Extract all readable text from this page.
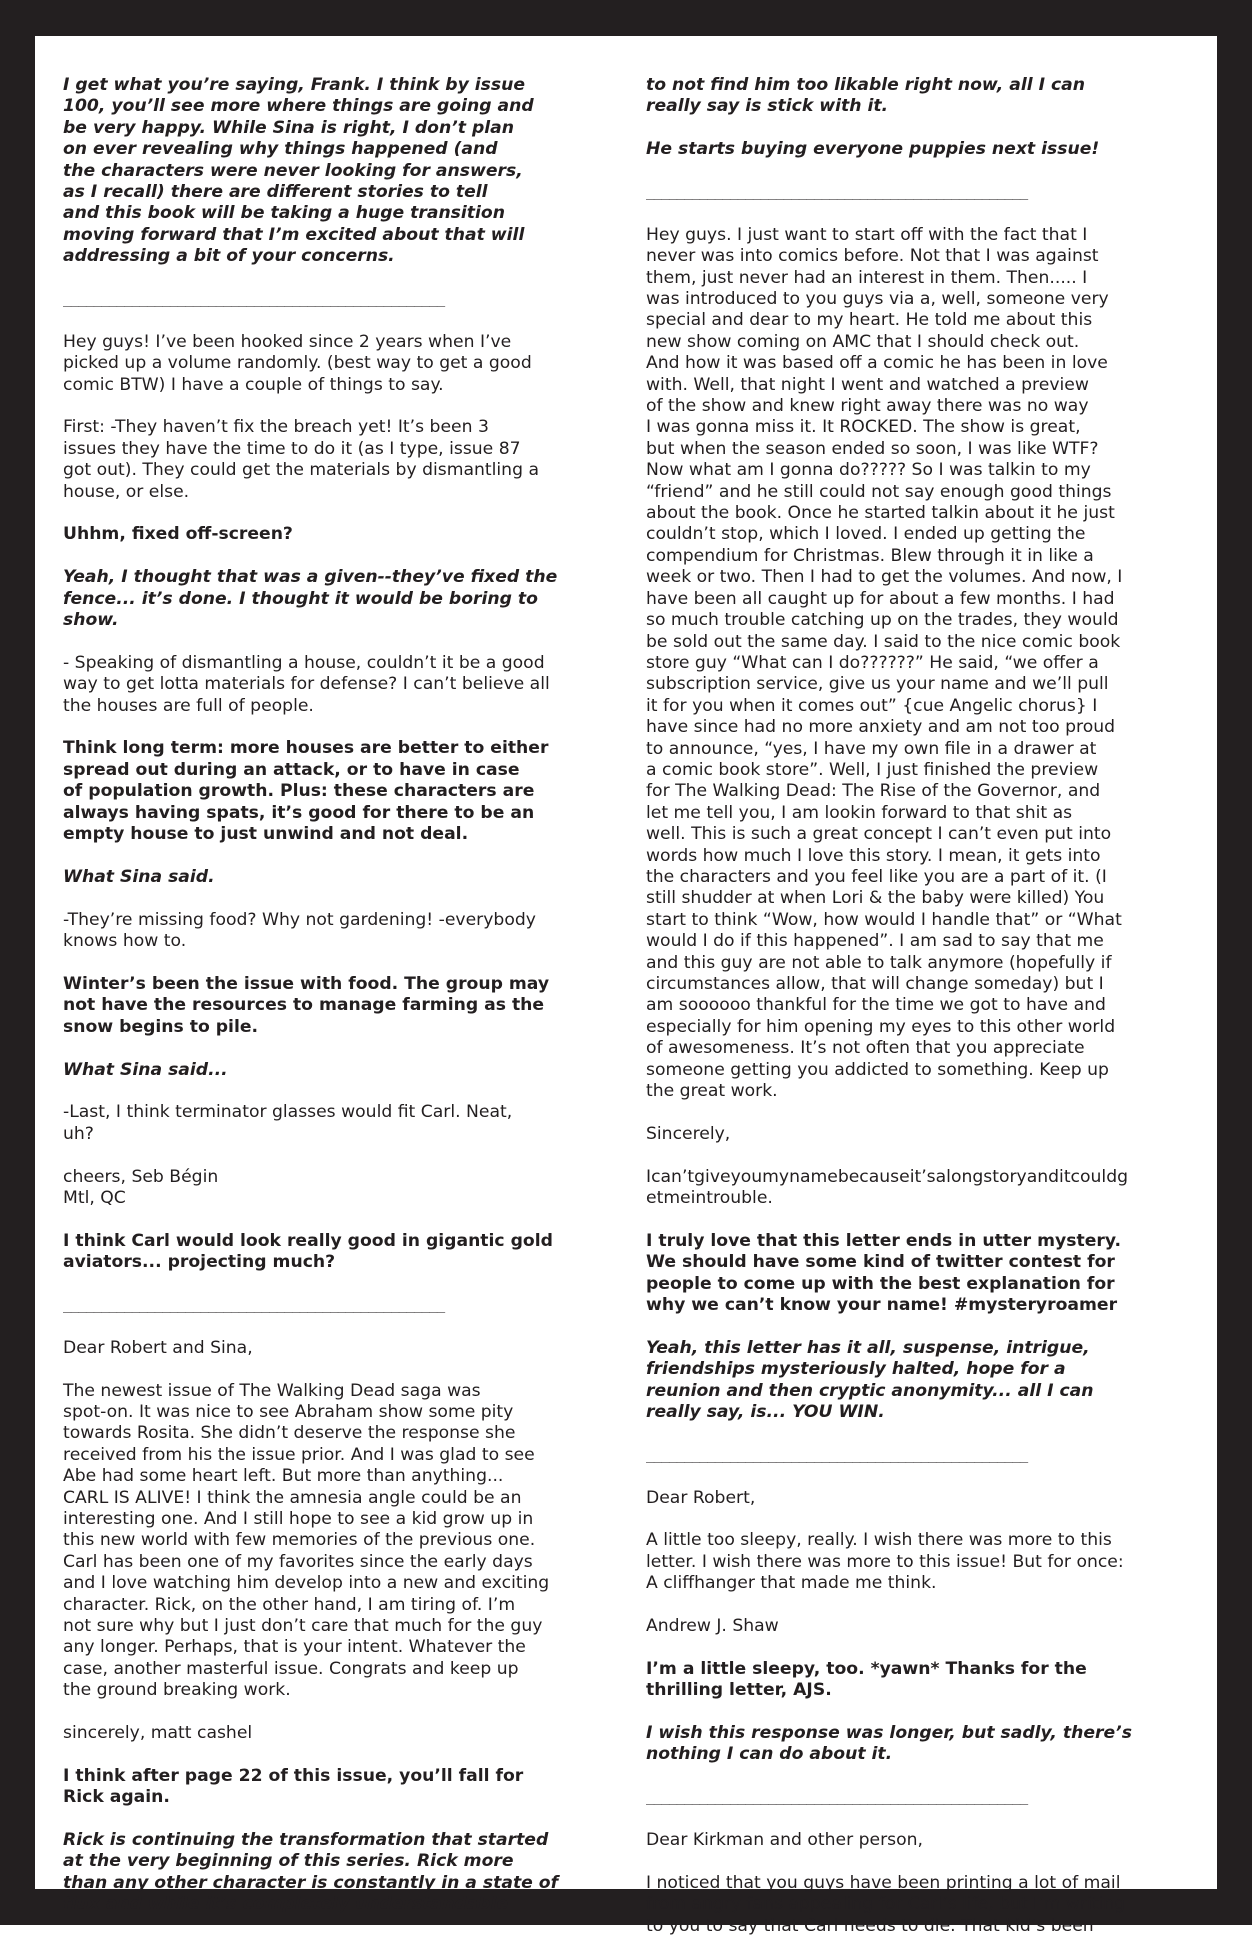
I get what you’re saying, Frank. I think by issue
100, you’ll see more where things are going and
be very happy. While Sina is right, I don’t plan
on ever revealing why things happened (and
the characters were never looking for answers,
as I recall) there are different stories to tell
and this book will be taking a huge transition
moving forward that I’m excited about that will
addressing a bit of your concerns.

__________________________________________________

Hey guys! I’ve been hooked since 2 years when I’ve
picked up a volume randomly. (best way to get a good
comic BTW) I have a couple of things to say.

First: -They haven’t fix the breach yet! It’s been 3
issues they have the time to do it (as I type, issue 87
got out). They could get the materials by dismantling a
house, or else.

Uhhm, fixed off-screen?

Yeah, I thought that was a given--they’ve fixed the
fence... it’s done. I thought it would be boring to
show.

- Speaking of dismantling a house, couldn’t it be a good
way to get lotta materials for defense? I can’t believe all
the houses are full of people.

Think long term: more houses are better to either
spread out during an attack, or to have in case
of population growth. Plus: these characters are
always having spats, it’s good for there to be an
empty house to just unwind and not deal.

What Sina said.

-They’re missing food? Why not gardening! -everybody
knows how to.

Winter’s been the issue with food. The group may
not have the resources to manage farming as the
snow begins to pile.

What Sina said...

-Last, I think terminator glasses would fit Carl. Neat,
uh?

cheers, Seb Bégin
Mtl, QC

I think Carl would look really good in gigantic gold
aviators... projecting much?

__________________________________________________

Dear Robert and Sina,

The newest issue of The Walking Dead saga was
spot-on. It was nice to see Abraham show some pity
towards Rosita. She didn’t deserve the response she
received from his the issue prior. And I was glad to see
Abe had some heart left. But more than anything...
CARL IS ALIVE! I think the amnesia angle could be an
interesting one. And I still hope to see a kid grow up in
this new world with few memories of the previous one.
Carl has been one of my favorites since the early days
and I love watching him develop into a new and exciting
character. Rick, on the other hand, I am tiring of. I’m
not sure why but I just don’t care that much for the guy
any longer. Perhaps, that is your intent. Whatever the
case, another masterful issue. Congrats and keep up
the ground breaking work.

sincerely, matt cashel

I think after page 22 of this issue, you’ll fall for
Rick again.

Rick is continuing the transformation that started
at the very beginning of this series. Rick more
than any other character is constantly in a state of
flux and while it’s completely understandable

to not find him too likable right now, all I can
really say is stick with it.

He starts buying everyone puppies next issue!

__________________________________________________

Hey guys. I just want to start off with the fact that I
never was into comics before. Not that I was against
them, just never had an interest in them. Then..... I
was introduced to you guys via a, well, someone very
special and dear to my heart. He told me about this
new show coming on AMC that I should check out.
And how it was based off a comic he has been in love
with. Well, that night I went and watched a preview
of the show and knew right away there was no way
I was gonna miss it. It ROCKED. The show is great,
but when the season ended so soon, I was like WTF?
Now what am I gonna do????? So I was talkin to my
“friend” and he still could not say enough good things
about the book. Once he started talkin about it he just
couldn’t stop, which I loved. I ended up getting the
compendium for Christmas. Blew through it in like a
week or two. Then I had to get the volumes. And now, I
have been all caught up for about a few months. I had
so much trouble catching up on the trades, they would
be sold out the same day. I said to the nice comic book
store guy “What can I do??????” He said, “we offer a
subscription service, give us your name and we’ll pull
it for you when it comes out” {cue Angelic chorus} I
have since had no more anxiety and am not too proud
to announce, “yes, I have my own file in a drawer at
a comic book store”. Well, I just finished the preview
for The Walking Dead: The Rise of the Governor, and
let me tell you, I am lookin forward to that shit as
well. This is such a great concept I can’t even put into
words how much I love this story. I mean, it gets into
the characters and you feel like you are a part of it. (I
still shudder at when Lori & the baby were killed) You
start to think “Wow, how would I handle that” or “What
would I do if this happened”. I am sad to say that me
and this guy are not able to talk anymore (hopefully if
circumstances allow, that will change someday) but I
am soooooo thankful for the time we got to have and
especially for him opening my eyes to this other world
of awesomeness. It’s not often that you appreciate
someone getting you addicted to something. Keep up
the great work.

Sincerely,

Ican’tgiveyoumynamebecauseit’salongstoryanditcouldg
etmeintrouble.

I truly love that this letter ends in utter mystery.
We should have some kind of twitter contest for
people to come up with the best explanation for
why we can’t know your name! #mysteryroamer

Yeah, this letter has it all, suspense, intrigue,
friendships mysteriously halted, hope for a
reunion and then cryptic anonymity... all I can
really say, is... YOU WIN.

__________________________________________________

Dear Robert,

A little too sleepy, really. I wish there was more to this
letter. I wish there was more to this issue! But for once:
A cliffhanger that made me think.

Andrew J. Shaw

I’m a little sleepy, too. *yawn* Thanks for the
thrilling letter, AJS.

I wish this response was longer, but sadly, there’s
nothing I can do about it.

__________________________________________________

Dear Kirkman and other person,

I noticed that you guys have been printing a lot of mail
from angry fans appealing for Carl’s life, but I’m writing
to you to say that Carl needs to die. That kid’s been
